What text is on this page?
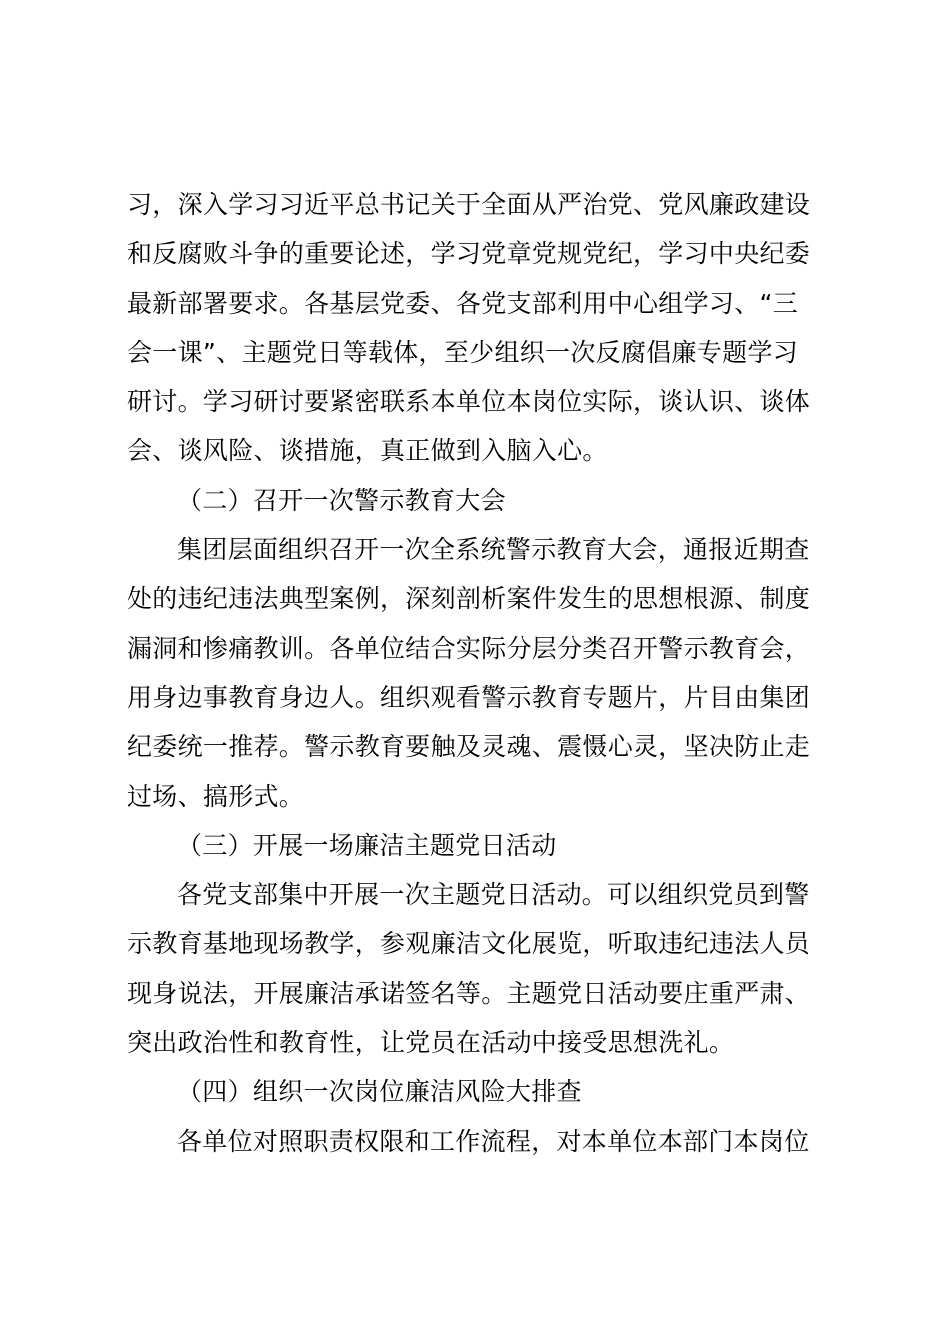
习，深入学习习近平总书记关于全面从严治党、党风廉政建设
和反腐败斗争的重要论述，学习党章党规党纪，学习中央纪委
最新部署要求。各基层党委、各党支部利用中心组学习、“三
会一课”、主题党日等载体，至少组织一次反腐倡廉专题学习
研讨。学习研讨要紧密联系本单位本岗位实际，谈认识、谈体
会、谈风险、谈措施，真正做到入脑入心。
（二）召开一次警示教育大会
集团层面组织召开一次全系统警示教育大会，通报近期查
处的违纪违法典型案例，深刻剖析案件发生的思想根源、制度
漏洞和惨痛教训。各单位结合实际分层分类召开警示教育会，
用身边事教育身边人。组织观看警示教育专题片，片目由集团
纪委统一推荐。警示教育要触及灵魂、震慑心灵，坚决防止走
过场、搞形式。
（三）开展一场廉洁主题党日活动
各党支部集中开展一次主题党日活动。可以组织党员到警
示教育基地现场教学，参观廉洁文化展览，听取违纪违法人员
现身说法，开展廉洁承诺签名等。主题党日活动要庄重严肃、
突出政治性和教育性，让党员在活动中接受思想洗礼。
（四）组织一次岗位廉洁风险大排查
各单位对照职责权限和工作流程，对本单位本部门本岗位
